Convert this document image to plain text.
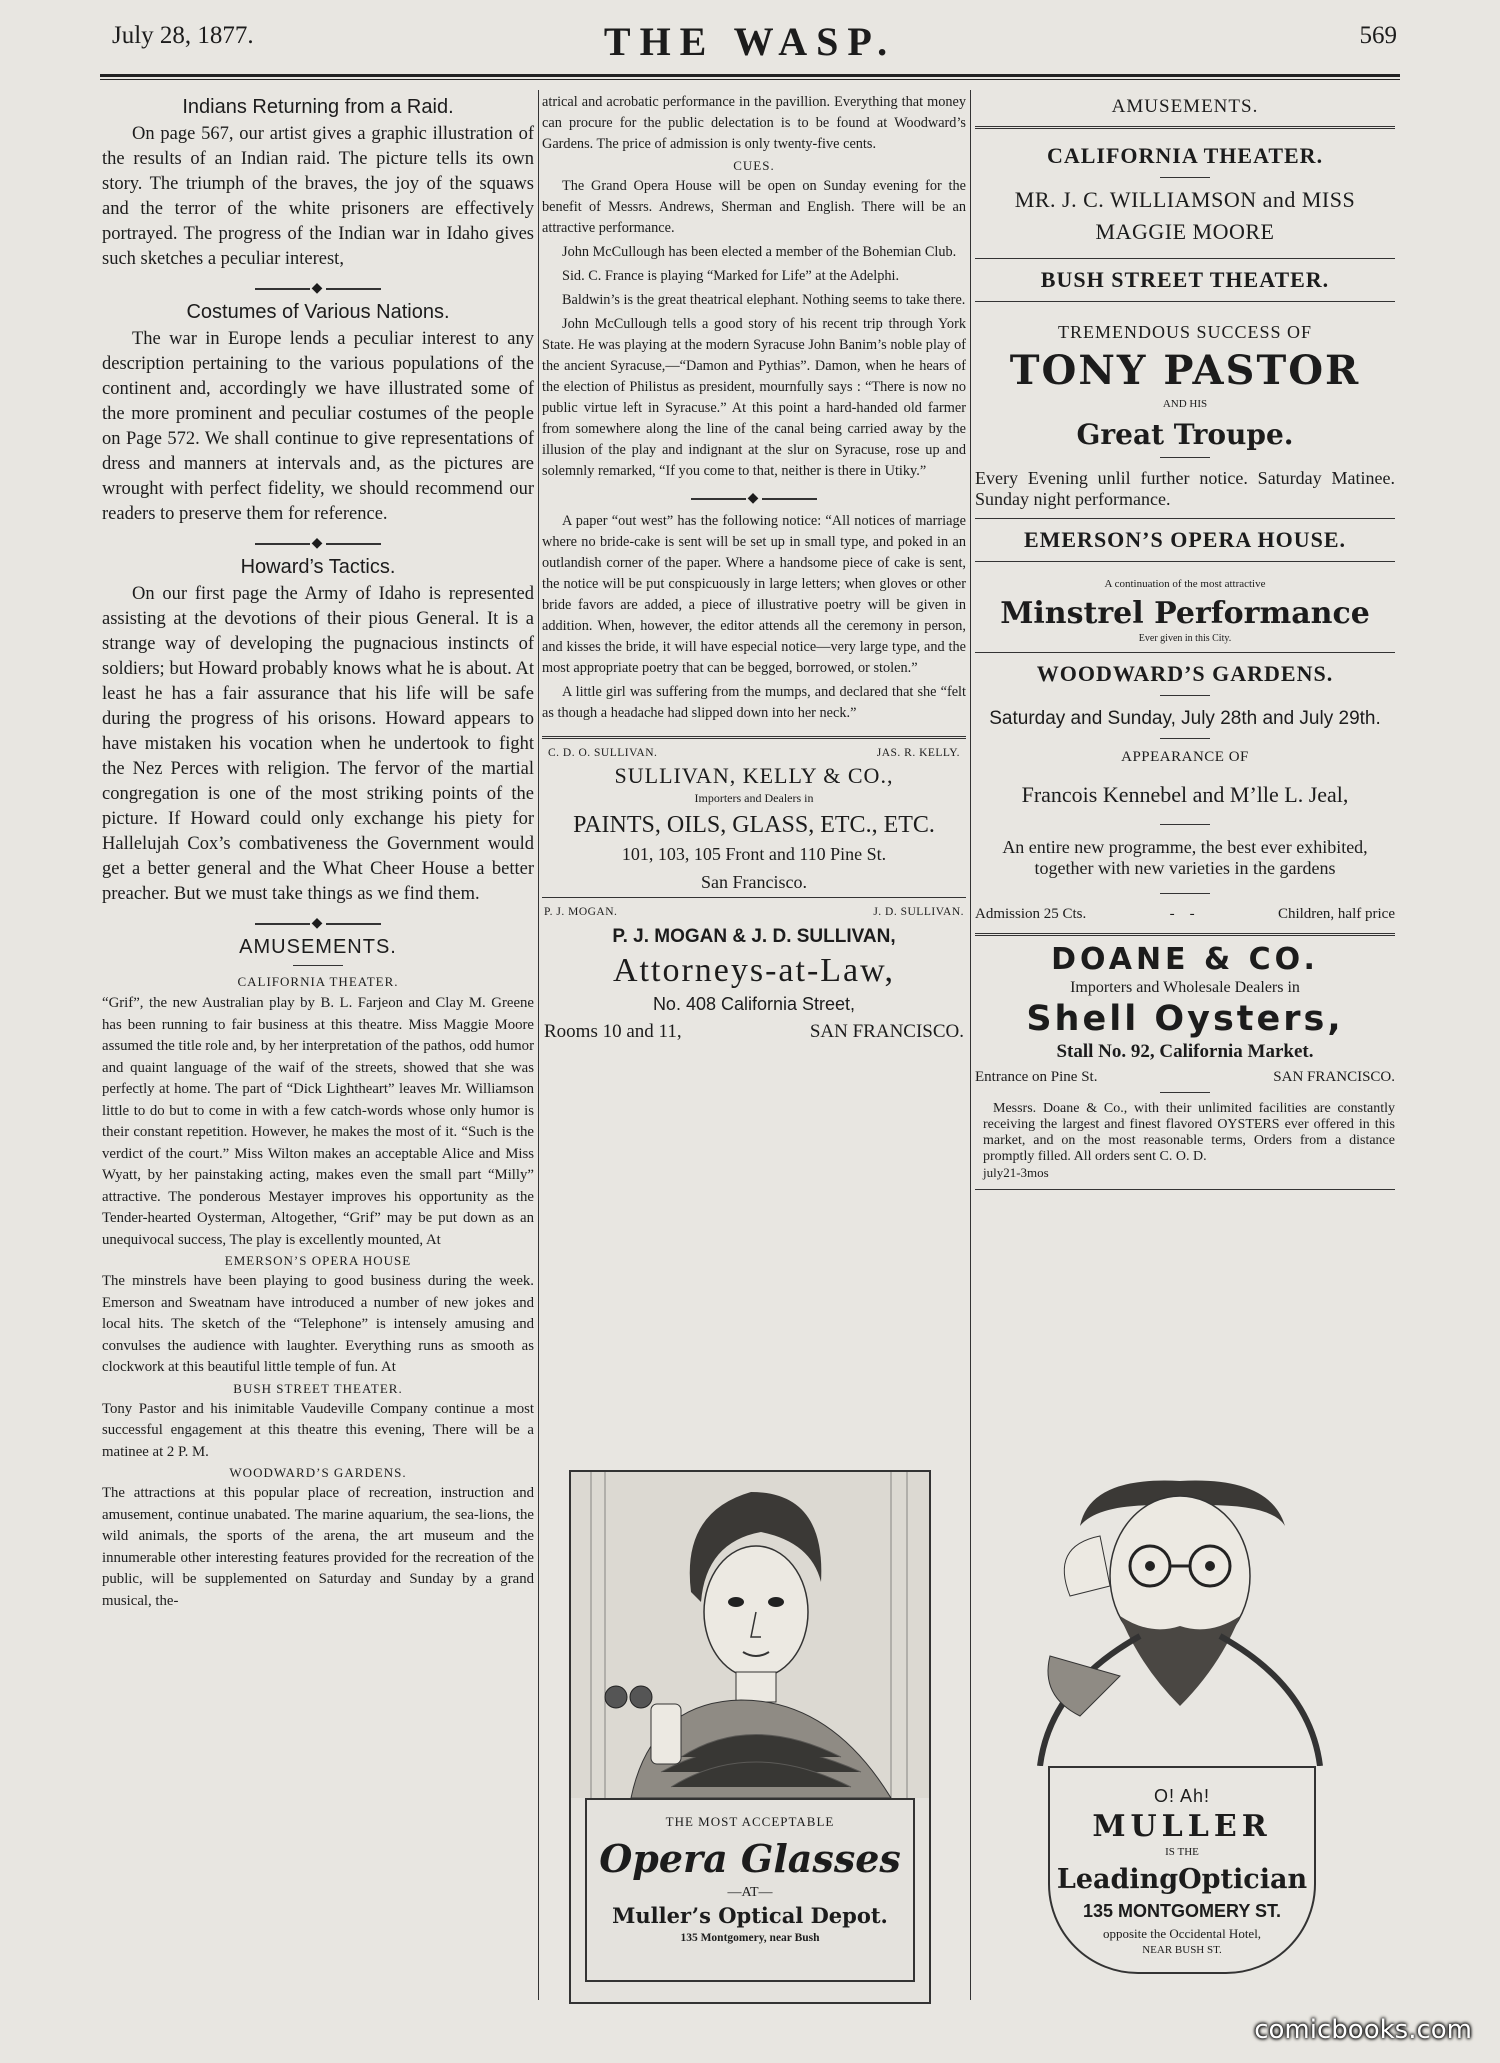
July 28, 1877.	THE WASP.	569
Indians Returning from a Raid.

On page 567, our artist gives a graphic illustration of the results of an Indian raid. The picture tells its own story. The triumph of the braves, the joy of the squaws and the terror of the white prisoners are effectively portrayed. The progress of the Indian war in Idaho gives such sketches a peculiar interest,

◆
Costumes of Various Nations.

The war in Europe lends a peculiar interest to any description pertaining to the various populations of the continent and, accordingly we have illustrated some of the more prominent and peculiar costumes of the people on Page 572. We shall continue to give representations of dress and manners at intervals and, as the pictures are wrought with perfect fidelity, we should recommend our readers to preserve them for reference.

◆
Howard’s Tactics.

On our first page the Army of Idaho is represented assisting at the devotions of their pious General. It is a strange way of developing the pugnacious instincts of soldiers; but Howard probably knows what he is about. At least he has a fair assurance that his life will be safe during the progress of his orisons. Howard appears to have mistaken his vocation when he undertook to fight the Nez Perces with religion. The fervor of the martial congregation is one of the most striking points of the picture. If Howard could only exchange his piety for Hallelujah Cox’s combativeness the Government would get a better general and the What Cheer House a better preacher. But we must take things as we find them.

◆
AMUSEMENTS.
CALIFORNIA THEATER.

“Grif”, the new Australian play by B. L. Farjeon and Clay M. Greene has been running to fair business at this theatre. Miss Maggie Moore assumed the title role and, by her interpretation of the pathos, odd humor and quaint language of the waif of the streets, showed that she was perfectly at home. The part of “Dick Lightheart” leaves Mr. Williamson little to do but to come in with a few catch-words whose only humor is their constant repetition. However, he makes the most of it. “Such is the verdict of the court.” Miss Wilton makes an acceptable Alice and Miss Wyatt, by her painstaking acting, makes even the small part “Milly” attractive. The ponderous Mestayer improves his opportunity as the Tender-hearted Oysterman, Altogether, “Grif” may be put down as an unequivocal success, The play is excellently mounted, At

EMERSON’S OPERA HOUSE

The minstrels have been playing to good business during the week. Emerson and Sweatnam have introduced a number of new jokes and local hits. The sketch of the “Telephone” is intensely amusing and convulses the audience with laughter. Everything runs as smooth as clockwork at this beautiful little temple of fun. At

BUSH STREET THEATER.

Tony Pastor and his inimitable Vaudeville Company continue a most successful engagement at this theatre this evening, There will be a matinee at 2 P. M.

WOODWARD’S GARDENS.

The attractions at this popular place of recreation, instruction and amusement, continue unabated. The marine aquarium, the sea-lions, the wild animals, the sports of the arena, the art museum and the innumerable other interesting features provided for the recreation of the public, will be supplemented on Saturday and Sunday by a grand musical, the-

atrical and acrobatic performance in the pavillion. Everything that money can procure for the public delectation is to be found at Woodward’s Gardens. The price of admission is only twenty-five cents.

CUES.

The Grand Opera House will be open on Sunday evening for the benefit of Messrs. Andrews, Sherman and English. There will be an attractive performance.

John McCullough has been elected a member of the Bohemian Club.

Sid. C. France is playing “Marked for Life” at the Adelphi.

Baldwin’s is the great theatrical elephant. Nothing seems to take there.

John McCullough tells a good story of his recent trip through York State. He was playing at the modern Syracuse John Banim’s noble play of the ancient Syracuse,—“Damon and Pythias”. Damon, when he hears of the election of Philistus as president, mournfully says : “There is now no public virtue left in Syracuse.” At this point a hard-handed old farmer from somewhere along the line of the canal being carried away by the illusion of the play and indignant at the slur on Syracuse, rose up and solemnly remarked, “If you come to that, neither is there in Utiky.”

◆

A paper “out west” has the following notice: “All notices of marriage where no bride-cake is sent will be set up in small type, and poked in an outlandish corner of the paper. Where a handsome piece of cake is sent, the notice will be put conspicuously in large letters; when gloves or other bride favors are added, a piece of illustrative poetry will be given in addition. When, however, the editor attends all the ceremony in person, and kisses the bride, it will have especial notice—very large type, and the most appropriate poetry that can be begged, borrowed, or stolen.”

A little girl was suffering from the mumps, and declared that she “felt as though a headache had slipped down into her neck.”

C. D. O. SULLIVAN.	JAS. R. KELLY.
SULLIVAN, KELLY & CO.,
Importers and Dealers in
PAINTS, OILS, GLASS, ETC., ETC.
101, 103, 105 Front and 110 Pine St.
San Francisco.
P. J. MOGAN.	J. D. SULLIVAN.
P. J. MOGAN & J. D. SULLIVAN,
Attorneys-at-Law,
No. 408 California Street,
Rooms 10 and 11,	SAN FRANCISCO.
THE MOST ACCEPTABLE
Opera Glasses
—AT—
Muller’s Optical Depot.
135 Montgomery, near Bush
AMUSEMENTS.
CALIFORNIA THEATER.
MR. J. C. WILLIAMSON and MISS MAGGIE MOORE
BUSH STREET THEATER.
TREMENDOUS SUCCESS OF
TONY PASTOR
AND HIS
Great Troupe.
Every Evening unlil further notice. Saturday Matinee. Sunday night performance.
EMERSON’S OPERA HOUSE.
A continuation of the most attractive
Minstrel Performance
Ever given in this City.
WOODWARD’S GARDENS.
Saturday and Sunday, July 28th and July 29th.
APPEARANCE OF
Francois Kennebel and M’lle L. Jeal,
An entire new programme, the best ever exhibited, together with new varieties in the gardens
Admission 25 Cts.	-    -	Children, half price
DOANE & CO.
Importers and Wholesale Dealers in
Shell Oysters,
Stall No. 92, California Market.
Entrance on Pine St.	SAN FRANCISCO.
Messrs. Doane & Co., with their unlimited facilities are constantly receiving the largest and finest flavored OYSTERS ever offered in this market, and on the most reasonable terms, Orders from a distance promptly filled. All orders sent C. O. D.
july21-3mos
O! Ah!
MULLER
IS THE
LeadingOptician
135 MONTGOMERY ST.
opposite the Occidental Hotel,
NEAR BUSH ST.
comicbooks.com
